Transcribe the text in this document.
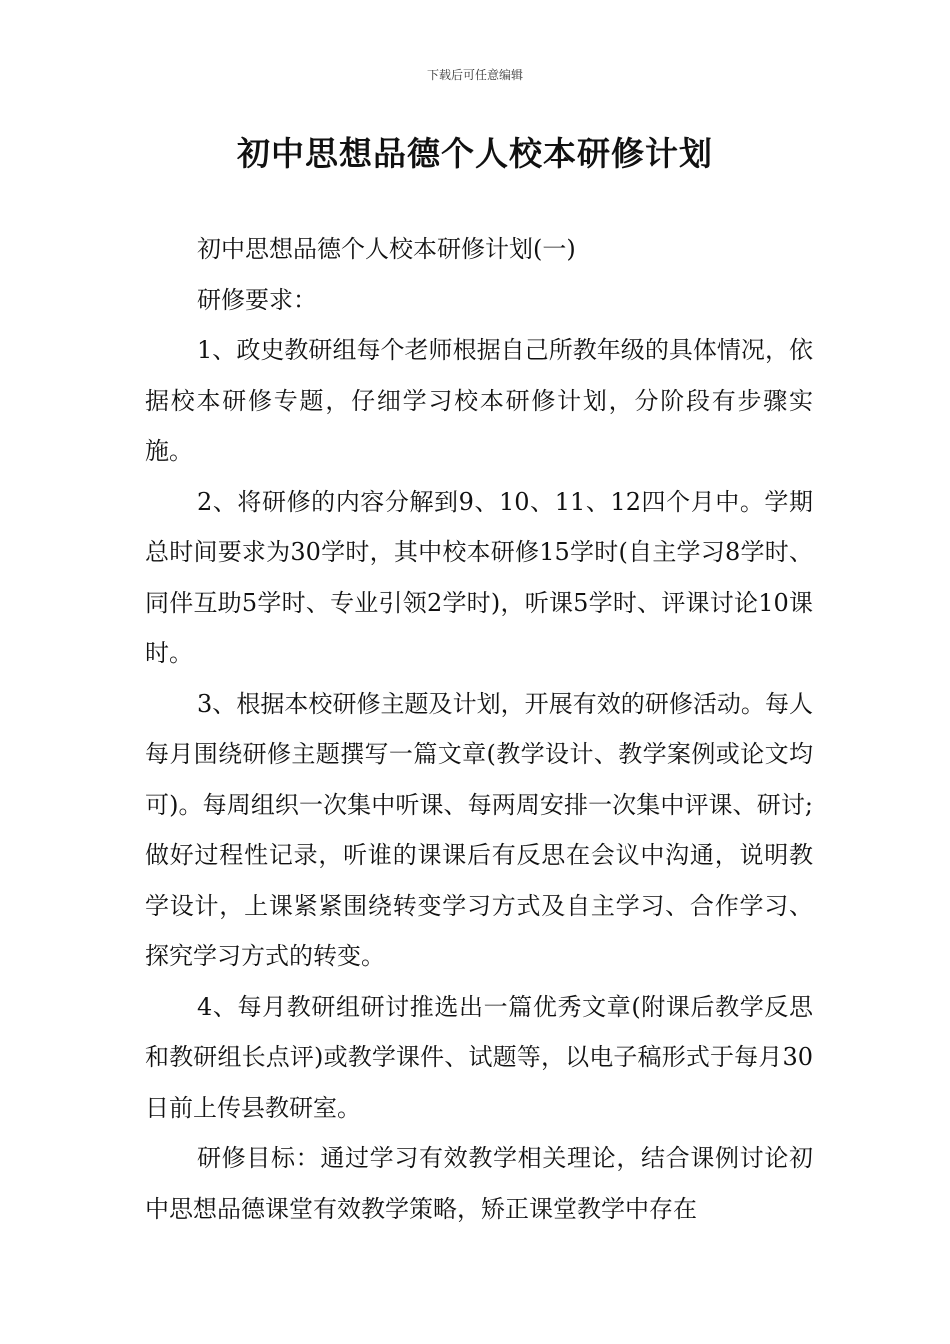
下载后可任意编辑
初中思想品德个人校本研修计划

初中思想品德个人校本研修计划(一)

研修要求：

1、政史教研组每个老师根据自己所教年级的具体情况，依据校本研修专题，仔细学习校本研修计划，分阶段有步骤实施。

2、将研修的内容分解到9、10、11、12四个月中。学期总时间要求为30学时，其中校本研修15学时(自主学习8学时、同伴互助5学时、专业引领2学时)，听课5学时、评课讨论10课时。

3、根据本校研修主题及计划，开展有效的研修活动。每人每月围绕研修主题撰写一篇文章(教学设计、教学案例或论文均可)。每周组织一次集中听课、每两周安排一次集中评课、研讨;做好过程性记录，听谁的课课后有反思在会议中沟通，说明教学设计，上课紧紧围绕转变学习方式及自主学习、合作学习、探究学习方式的转变。

4、每月教研组研讨推选出一篇优秀文章(附课后教学反思和教研组长点评)或教学课件、试题等，以电子稿形式于每月30日前上传县教研室。

研修目标：通过学习有效教学相关理论，结合课例讨论初中思想品德课堂有效教学策略，矫正课堂教学中存在
